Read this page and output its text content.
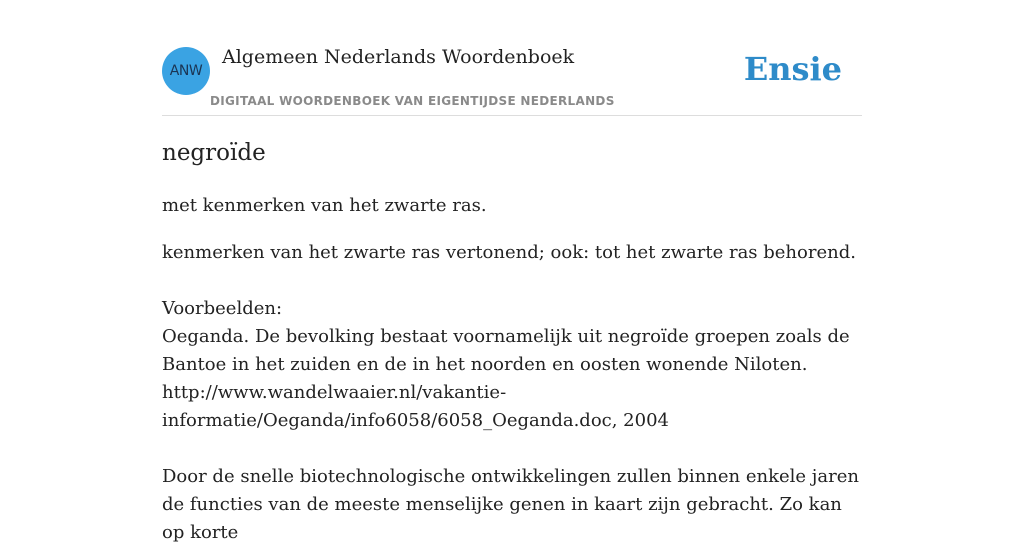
ANW
Algemeen Nederlands Woordenboek
DIGITAAL WOORDENBOEK VAN EIGENTIJDSE NEDERLANDS
Ensie
negroïde
met kenmerken van het zwarte ras.

kenmerken van het zwarte ras vertonend; ook: tot het zwarte ras behorend.

Voorbeelden:

Oeganda. De bevolking bestaat voornamelijk uit negroïde groepen zoals de Bantoe in het zuiden en de in het noorden en oosten wonende Niloten.

http://www.wandelwaaier.nl/vakantie-

informatie/Oeganda/info6058/6058_Oeganda.doc, 2004

Door de snelle biotechnologische ontwikkelingen zullen binnen enkele jaren de functies van de meeste menselijke genen in kaart zijn gebracht. Zo kan op korte
